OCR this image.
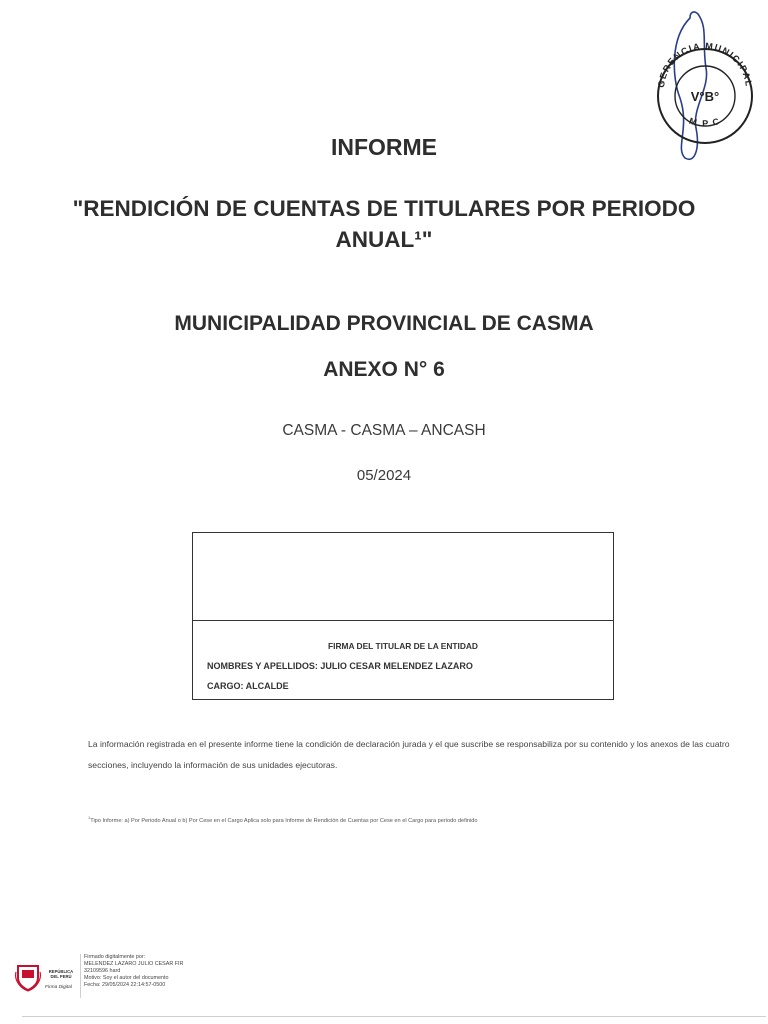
INFORME
"RENDICIÓN DE CUENTAS DE TITULARES POR PERIODO
ANUAL¹"
MUNICIPALIDAD PROVINCIAL DE CASMA
ANEXO N° 6
CASMA - CASMA – ANCASH
05/2024
FIRMA DEL TITULAR DE LA ENTIDAD
NOMBRES Y APELLIDOS: JULIO CESAR MELENDEZ LAZARO
CARGO: ALCALDE
La información registrada en el presente informe tiene la condición de declaración jurada y el que suscribe se responsabiliza por su contenido y los anexos de las cuatro secciones, incluyendo la información de sus unidades ejecutoras.
$^1$Tipo Informe: a) Por Periodo Anual o b) Por Cese en el Cargo Aplica solo para Informe de Rendición de Cuentas por Cese en el Cargo para periodo definido
GERENCIA MUNICIPAL
V°B°
M.P.C
REPÚBLICA
DEL PERÚ
Firma Digital
Firmado digitalmente por:
MELENDEZ LAZARO JULIO CESAR FIR
32109596 hard
Motivo: Soy el autor del documento
Fecha: 29/05/2024 22:14:57-0500
